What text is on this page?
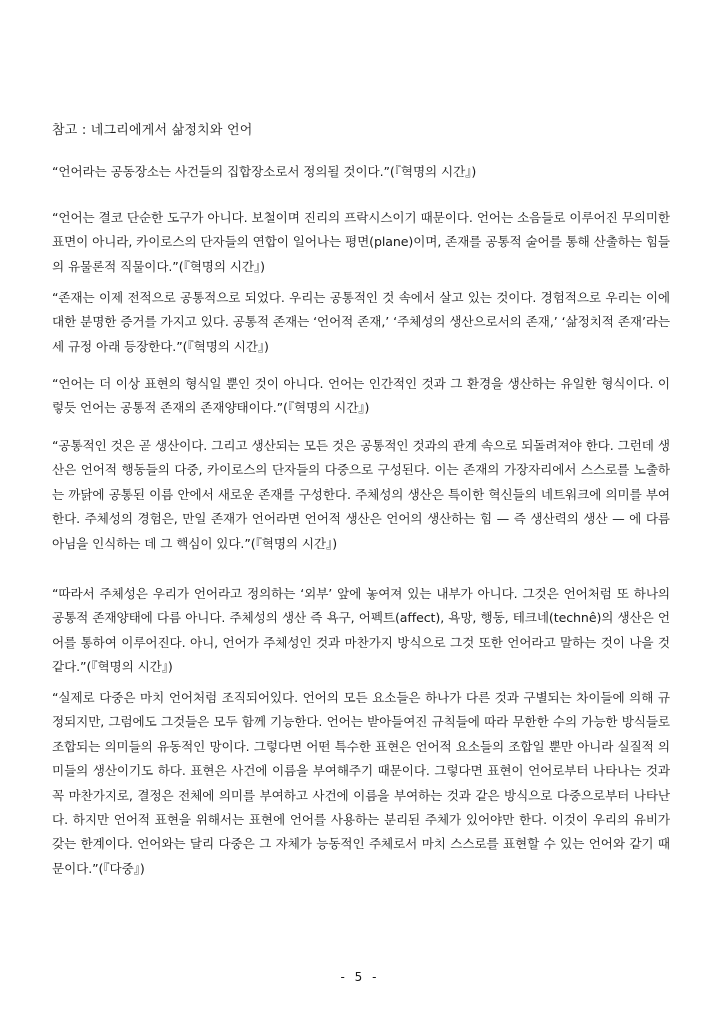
참고 : 네그리에게서 삶정치와 언어

“언어라는 공동장소는 사건들의 집합장소로서 정의될 것이다.”(『혁명의 시간』)

“언어는 결코 단순한 도구가 아니다. 보철이며 진리의 프락시스이기 때문이다. 언어는 소음들로 이루어진 무의미한 표면이 아니라, 카이로스의 단자들의 연합이 일어나는 평면(plane)이며, 존재를 공통적 술어를 통해 산출하는 힘들의 유물론적 직물이다.”(『혁명의 시간』)

“존재는 이제 전적으로 공통적으로 되었다. 우리는 공통적인 것 속에서 살고 있는 것이다. 경험적으로 우리는 이에 대한 분명한 증거를 가지고 있다. 공통적 존재는 ‘언어적 존재,’ ‘주체성의 생산으로서의 존재,’ ‘삶정치적 존재’라는 세 규정 아래 등장한다.”(『혁명의 시간』)

“언어는 더 이상 표현의 형식일 뿐인 것이 아니다. 언어는 인간적인 것과 그 환경을 생산하는 유일한 형식이다. 이렇듯 언어는 공통적 존재의 존재양태이다.”(『혁명의 시간』)

“공통적인 것은 곧 생산이다. 그리고 생산되는 모든 것은 공통적인 것과의 관계 속으로 되돌려져야 한다. 그런데 생산은 언어적 행동들의 다중, 카이로스의 단자들의 다중으로 구성된다. 이는 존재의 가장자리에서 스스로를 노출하는 까닭에 공통된 이름 안에서 새로운 존재를 구성한다. 주체성의 생산은 특이한 혁신들의 네트워크에 의미를 부여한다. 주체성의 경험은, 만일 존재가 언어라면 언어적 생산은 언어의 생산하는 힘 — 즉 생산력의 생산 — 에 다름 아님을 인식하는 데 그 핵심이 있다.”(『혁명의 시간』)

“따라서 주체성은 우리가 언어라고 정의하는 ‘외부’ 앞에 놓여져 있는 내부가 아니다. 그것은 언어처럼 또 하나의 공통적 존재양태에 다름 아니다. 주체성의 생산 즉 욕구, 어펙트(affect), 욕망, 행동, 테크네(technê)의 생산은 언어를 통하여 이루어진다. 아니, 언어가 주체성인 것과 마찬가지 방식으로 그것 또한 언어라고 말하는 것이 나을 것 같다.”(『혁명의 시간』)

“실제로 다중은 마치 언어처럼 조직되어있다. 언어의 모든 요소들은 하나가 다른 것과 구별되는 차이들에 의해 규정되지만, 그럼에도 그것들은 모두 함께 기능한다. 언어는 받아들여진 규칙들에 따라 무한한 수의 가능한 방식들로 조합되는 의미들의 유동적인 망이다. 그렇다면 어떤 특수한 표현은 언어적 요소들의 조합일 뿐만 아니라 실질적 의미들의 생산이기도 하다. 표현은 사건에 이름을 부여해주기 때문이다. 그렇다면 표현이 언어로부터 나타나는 것과 꼭 마찬가지로, 결정은 전체에 의미를 부여하고 사건에 이름을 부여하는 것과 같은 방식으로 다중으로부터 나타난다. 하지만 언어적 표현을 위해서는 표현에 언어를 사용하는 분리된 주체가 있어야만 한다. 이것이 우리의 유비가 갖는 한계이다. 언어와는 달리 다중은 그 자체가 능동적인 주체로서 마치 스스로를 표현할 수 있는 언어와 같기 때문이다.”(『다중』)

- 5 -
